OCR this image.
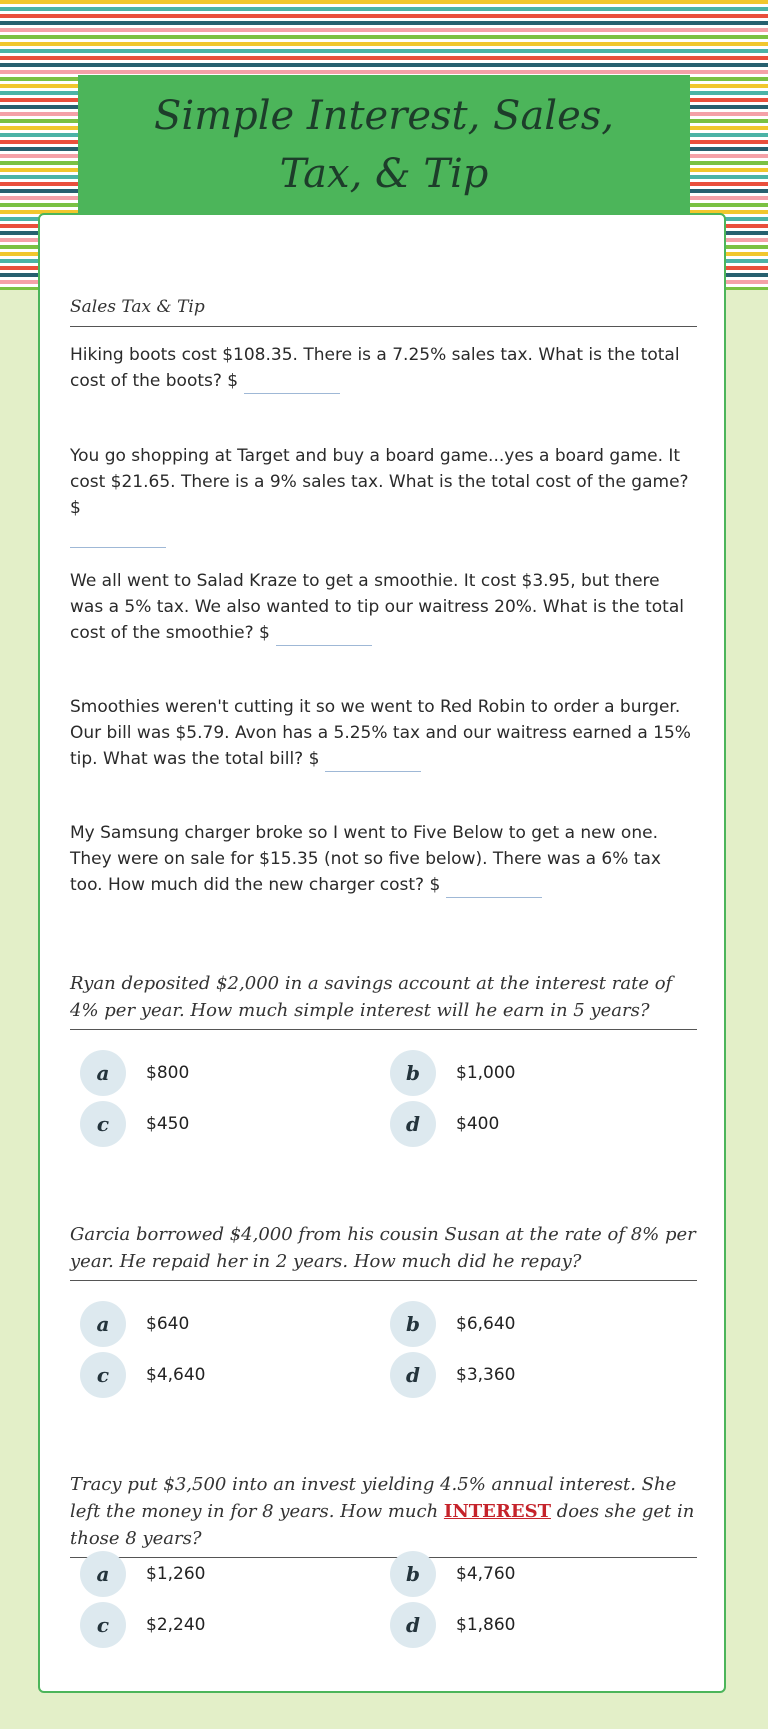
Simple Interest, Sales, Tax, & Tip
Sales Tax & Tip
Hiking boots cost $108.35. There is a 7.25% sales tax. What is the total cost of the boots? $
You go shopping at Target and buy a board game...yes a board game. It cost $21.65. There is a 9% sales tax. What is the total cost of the game? $
We all went to Salad Kraze to get a smoothie. It cost $3.95, but there was a 5% tax. We also wanted to tip our waitress 20%. What is the total cost of the smoothie? $
Smoothies weren't cutting it so we went to Red Robin to order a burger. Our bill was $5.79. Avon has a 5.25% tax and our waitress earned a 15% tip. What was the total bill? $
My Samsung charger broke so I went to Five Below to get a new one. They were on sale for $15.35 (not so five below). There was a 6% tax too. How much did the new charger cost? $
Ryan deposited $2,000 in a savings account at the interest rate of 4% per year. How much simple interest will he earn in 5 years?
a	$800	b	$1,000
c	$450	d	$400
Garcia borrowed $4,000 from his cousin Susan at the rate of 8% per year. He repaid her in 2 years. How much did he repay?
a	$640	b	$6,640
c	$4,640	d	$3,360
Tracy put $3,500 into an invest yielding 4.5% annual interest. She left the money in for 8 years. How much INTEREST does she get in those 8 years?
a	$1,260	b	$4,760
c	$2,240	d	$1,860
